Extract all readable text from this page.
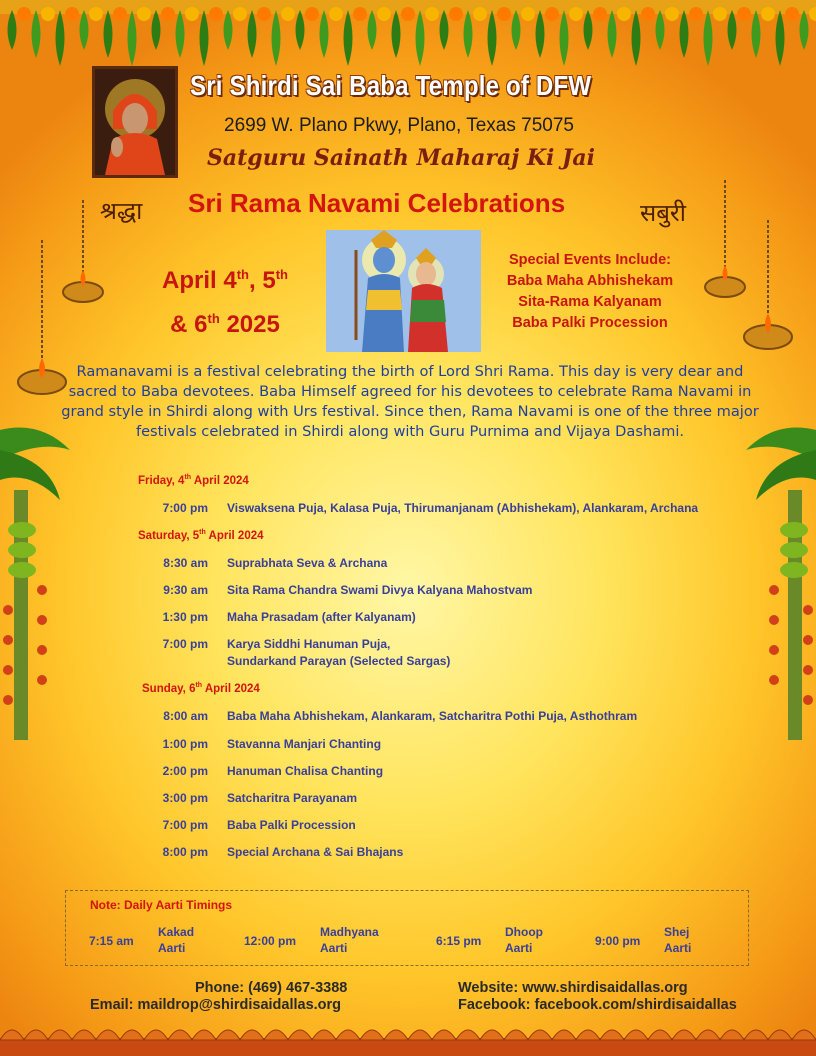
Sri Shirdi Sai Baba Temple of DFW
2699 W. Plano Pkwy, Plano, Texas 75075
Satguru Sainath Maharaj Ki Jai
श्रद्धा Sri Rama Navami Celebrations	सबुरी
April 4th, 5th
& 6th 2025
Special Events Include:
Baba Maha Abhishekam
Sita-Rama Kalyanam
Baba Palki Procession
Ramanavami is a festival celebrating the birth of Lord Shri Rama. This day is very dear and sacred to Baba devotees. Baba Himself agreed for his devotees to celebrate Rama Navami in grand style in Shirdi along with Urs festival. Since then, Rama Navami is one of the three major festivals celebrated in Shirdi along with Guru Purnima and Vijaya Dashami.
Friday, 4th April 2024
7:00 pm Viswaksena Puja, Kalasa Puja, Thirumanjanam (Abhishekam), Alankaram, Archana
Saturday, 5th April 2024
8:30 am Suprabhata Seva & Archana
9:30 am Sita Rama Chandra Swami Divya Kalyana Mahostvam
1:30 pm Maha Prasadam (after Kalyanam)
7:00 pm Karya Siddhi Hanuman Puja,
Sundarkand Parayan (Selected Sargas)
Sunday, 6th April 2024
8:00 am Baba Maha Abhishekam, Alankaram, Satcharitra Pothi Puja, Asthothram
1:00 pm Stavanna Manjari Chanting
2:00 pm Hanuman Chalisa Chanting
3:00 pm Satcharitra Parayanam
7:00 pm Baba Palki Procession
8:00 pm Special Archana & Sai Bhajans
Note: Daily Aarti Timings
7:15 am
Kakad
Aarti	12:00 pm
Madhyana
Aarti	6:15 pm
Dhoop
Aarti	9:00 pm
Shej
Aarti
Phone: (469) 467-3388
Email: maildrop@shirdisaidallas.org
Website: www.shirdisaidallas.org
Facebook: facebook.com/shirdisaidallas
